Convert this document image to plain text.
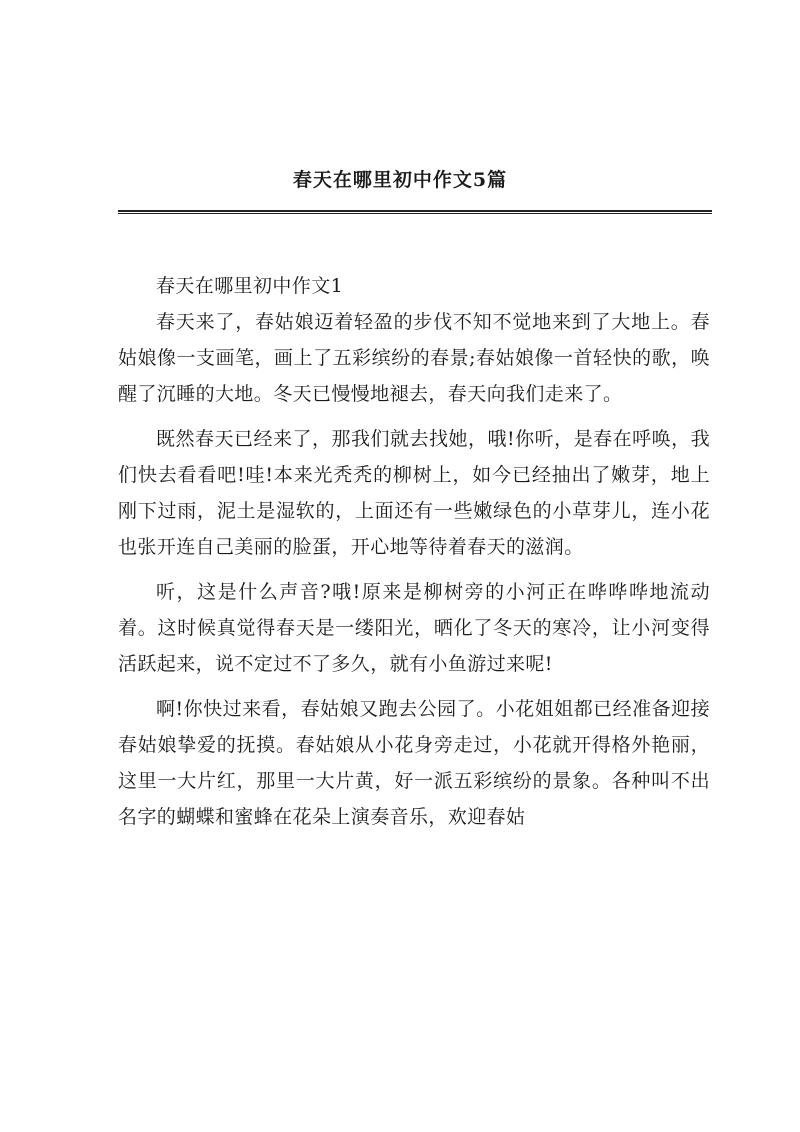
春天在哪里初中作文5篇

春天在哪里初中作文1

春天来了，春姑娘迈着轻盈的步伐不知不觉地来到了大地上。春姑娘像一支画笔，画上了五彩缤纷的春景;春姑娘像一首轻快的歌，唤醒了沉睡的大地。冬天已慢慢地褪去，春天向我们走来了。

既然春天已经来了，那我们就去找她，哦!你听，是春在呼唤，我们快去看看吧!哇!本来光秃秃的柳树上，如今已经抽出了嫩芽，地上刚下过雨，泥土是湿软的，上面还有一些嫩绿色的小草芽儿，连小花也张开连自己美丽的脸蛋，开心地等待着春天的滋润。

听，这是什么声音?哦!原来是柳树旁的小河正在哗哗哗地流动着。这时候真觉得春天是一缕阳光，晒化了冬天的寒冷，让小河变得活跃起来，说不定过不了多久，就有小鱼游过来呢!

啊!你快过来看，春姑娘又跑去公园了。小花姐姐都已经准备迎接春姑娘挚爱的抚摸。春姑娘从小花身旁走过，小花就开得格外艳丽，这里一大片红，那里一大片黄，好一派五彩缤纷的景象。各种叫不出名字的蝴蝶和蜜蜂在花朵上演奏音乐，欢迎春姑
